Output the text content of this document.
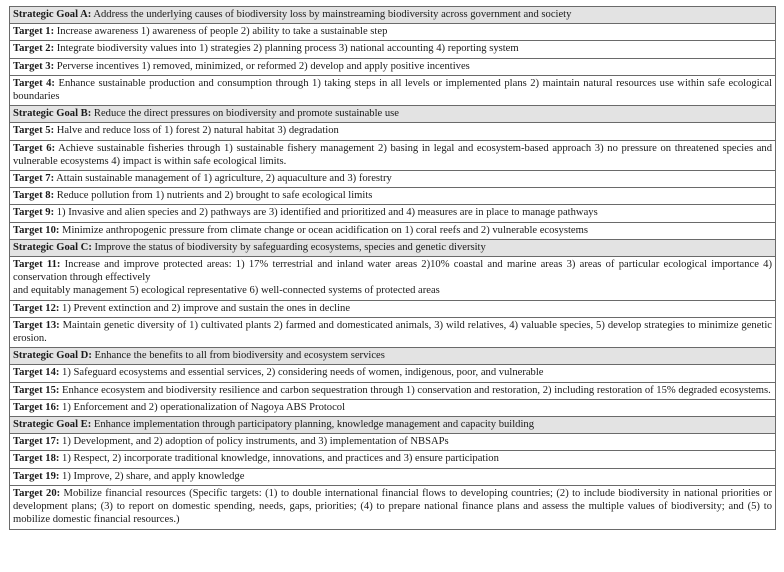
Strategic Goal A: Address the underlying causes of biodiversity loss by mainstreaming biodiversity across government and society
Target 1: Increase awareness 1) awareness of people 2) ability to take a sustainable step
Target 2: Integrate biodiversity values into 1) strategies 2) planning process 3) national accounting 4) reporting system
Target 3: Perverse incentives 1) removed, minimized, or reformed 2) develop and apply positive incentives
Target 4: Enhance sustainable production and consumption through 1) taking steps in all levels or implemented plans 2) maintain natural resources use within safe ecological boundaries
Strategic Goal B: Reduce the direct pressures on biodiversity and promote sustainable use
Target 5: Halve and reduce loss of 1) forest 2) natural habitat 3) degradation
Target 6: Achieve sustainable fisheries through 1) sustainable fishery management 2) basing in legal and ecosystem-based approach 3) no pressure on threatened species and vulnerable ecosystems 4) impact is within safe ecological limits.
Target 7: Attain sustainable management of 1) agriculture, 2) aquaculture and 3) forestry
Target 8: Reduce pollution from 1) nutrients and 2) brought to safe ecological limits
Target 9: 1) Invasive and alien species and 2) pathways are 3) identified and prioritized and 4) measures are in place to manage pathways
Target 10: Minimize anthropogenic pressure from climate change or ocean acidification on 1) coral reefs and 2) vulnerable ecosystems
Strategic Goal C: Improve the status of biodiversity by safeguarding ecosystems, species and genetic diversity
Target 11: Increase and improve protected areas: 1) 17% terrestrial and inland water areas 2)10% coastal and marine areas 3) areas of particular ecological importance 4) conservation through effectively
and equitably management 5) ecological representative 6) well-connected systems of protected areas

Target 12: 1) Prevent extinction and 2) improve and sustain the ones in decline
Target 13: Maintain genetic diversity of 1) cultivated plants 2) farmed and domesticated animals, 3) wild relatives, 4) valuable species, 5) develop strategies to minimize genetic erosion.
Strategic Goal D: Enhance the benefits to all from biodiversity and ecosystem services
Target 14: 1) Safeguard ecosystems and essential services, 2) considering needs of women, indigenous, poor, and vulnerable
Target 15: Enhance ecosystem and biodiversity resilience and carbon sequestration through 1) conservation and restoration, 2) including restoration of 15% degraded ecosystems.
Target 16: 1) Enforcement and 2) operationalization of Nagoya ABS Protocol
Strategic Goal E: Enhance implementation through participatory planning, knowledge management and capacity building
Target 17: 1) Development, and 2) adoption of policy instruments, and 3) implementation of NBSAPs
Target 18: 1) Respect, 2) incorporate traditional knowledge, innovations, and practices and 3) ensure participation
Target 19: 1) Improve, 2) share, and apply knowledge
Target 20: Mobilize financial resources (Specific targets: (1) to double international financial flows to developing countries; (2) to include biodiversity in national priorities or development plans; (3) to report on domestic spending, needs, gaps, priorities; (4) to prepare national finance plans and assess the multiple values of biodiversity; and (5) to mobilize domestic financial resources.)
